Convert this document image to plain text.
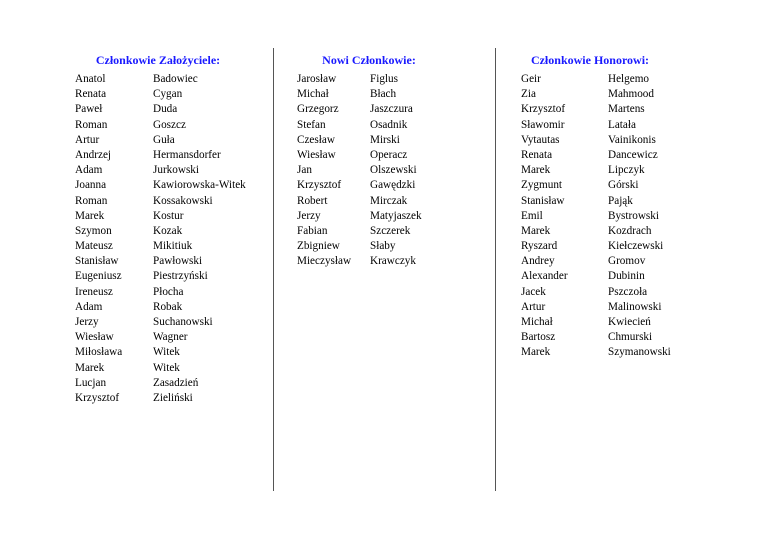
Członkowie Założyciele:
Anatol	Badowiec
Renata	Cygan
Paweł	Duda
Roman	Goszcz
Artur	Guła
Andrzej	Hermansdorfer
Adam	Jurkowski
Joanna	Kawiorowska-Witek
Roman	Kossakowski
Marek	Kostur
Szymon	Kozak
Mateusz	Mikitiuk
Stanisław	Pawłowski
Eugeniusz	Piestrzyński
Ireneusz	Płocha
Adam	Robak
Jerzy	Suchanowski
Wiesław	Wagner
Miłosława	Witek
Marek	Witek
Lucjan	Zasadzień
Krzysztof	Zieliński
Nowi Członkowie:
Jarosław	Figlus
Michał	Błach
Grzegorz	Jaszczura
Stefan	Osadnik
Czesław	Mirski
Wiesław	Operacz
Jan	Olszewski
Krzysztof	Gawędzki
Robert	Mirczak
Jerzy	Matyjaszek
Fabian	Szczerek
Zbigniew	Słaby
Mieczysław Krawczyk
Członkowie Honorowi:
Geir	Helgemo
Zia	Mahmood
Krzysztof	Martens
Sławomir	Latała
Vytautas	Vainikonis
Renata	Dancewicz
Marek	Lipczyk
Zygmunt	Górski
Stanisław	Pająk
Emil	Bystrowski
Marek	Kozdrach
Ryszard	Kiełczewski
Andrey	Gromov
Alexander	Dubinin
Jacek	Pszczoła
Artur	Malinowski
Michał	Kwiecień
Bartosz	Chmurski
Marek	Szymanowski
